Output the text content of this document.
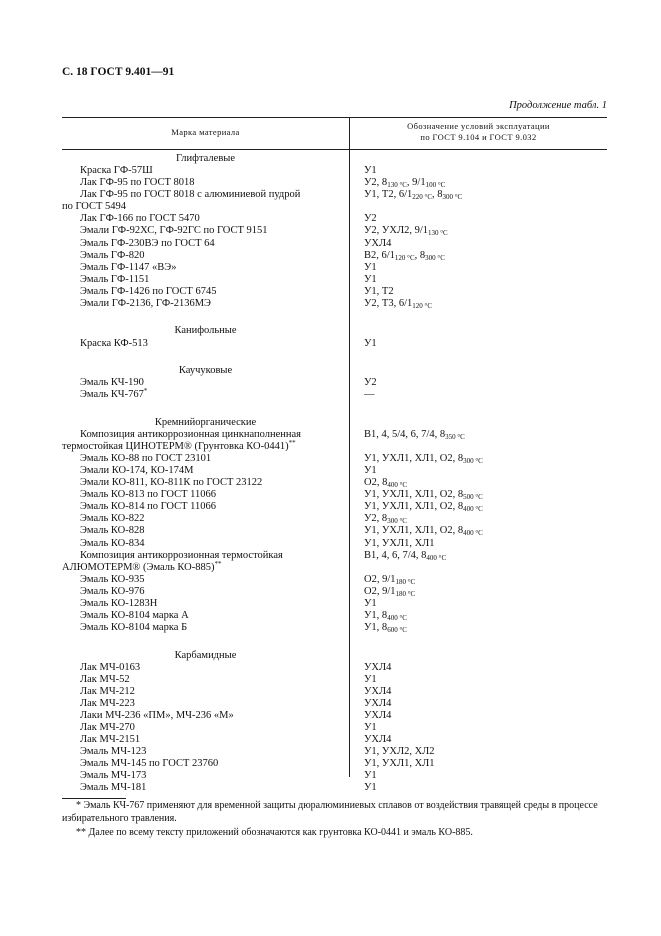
С. 18 ГОСТ 9.401—91
Продолжение табл. 1
Марка материала
Обозначение условий эксплуатации
по ГОСТ 9.104 и ГОСТ 9.032
Глифталевые
Краска ГФ-57Ш	У1
Лак ГФ-95 по ГОСТ 8018	У2, 8130 °С, 9/1100 °С
Лак ГФ-95 по ГОСТ 8018 с алюминиевой пудрой	У1, Т2, 6/1220 °С, 8300 °С
по ГОСТ 5494
Лак ГФ-166 по ГОСТ 5470	У2
Эмали ГФ-92ХС, ГФ-92ГС по ГОСТ 9151	У2, УХЛ2, 9/1130 °С
Эмаль ГФ-230ВЭ по ГОСТ 64	УХЛ4
Эмаль ГФ-820	В2, 6/1120 °С, 8300 °С
Эмаль ГФ-1147 «ВЭ»	У1
Эмаль ГФ-1151	У1
Эмаль ГФ-1426 по ГОСТ 6745	У1, Т2
Эмали ГФ-2136, ГФ-2136МЭ	У2, Т3, 6/1120 °С
Канифольные
Краска КФ-513	У1
Каучуковые
Эмаль КЧ-190	У2
Эмаль КЧ-767*	—
Кремнийорганические
Композиция антикоррозионная цинкнаполненная	В1, 4, 5/4, 6, 7/4, 8350 °С
термостойкая ЦИНОТЕРМ® (Грунтовка КО-0441)**
Эмаль КО-88 по ГОСТ 23101	У1, УХЛ1, ХЛ1, О2, 8300 °С
Эмали КО-174, КО-174М	У1
Эмали КО-811, КО-811К по ГОСТ 23122	О2, 8400 °С
Эмаль КО-813 по ГОСТ 11066	У1, УХЛ1, ХЛ1, О2, 8500 °С
Эмаль КО-814 по ГОСТ 11066	У1, УХЛ1, ХЛ1, О2, 8400 °С
Эмаль КО-822	У2, 8300 °С
Эмаль КО-828	У1, УХЛ1, ХЛ1, О2, 8400 °С
Эмаль КО-834	У1, УХЛ1, ХЛ1
Композиция антикоррозионная термостойкая	В1, 4, 6, 7/4, 8400 °С
АЛЮМОТЕРМ® (Эмаль КО-885)**
Эмаль КО-935	О2, 9/1180 °С
Эмаль КО-976	О2, 9/1180 °С
Эмаль КО-1283Н	У1
Эмаль КО-8104 марка А	У1, 8400 °С
Эмаль КО-8104 марка Б	У1, 8600 °С
Карбамидные
Лак МЧ-0163	УХЛ4
Лак МЧ-52	У1
Лак МЧ-212	УХЛ4
Лак МЧ-223	УХЛ4
Лаки МЧ-236 «ПМ», МЧ-236 «М»	УХЛ4
Лак МЧ-270	У1
Лак МЧ-2151	УХЛ4
Эмаль МЧ-123	У1, УХЛ2, ХЛ2
Эмаль МЧ-145 по ГОСТ 23760	У1, УХЛ1, ХЛ1
Эмаль МЧ-173	У1
Эмаль МЧ-181	У1
* Эмаль КЧ-767 применяют для временной защиты дюралюминиевых сплавов от воздействия травящей среды в процессе избирательного травления.
** Далее по всему тексту приложений обозначаются как грунтовка КО-0441 и эмаль КО-885.
